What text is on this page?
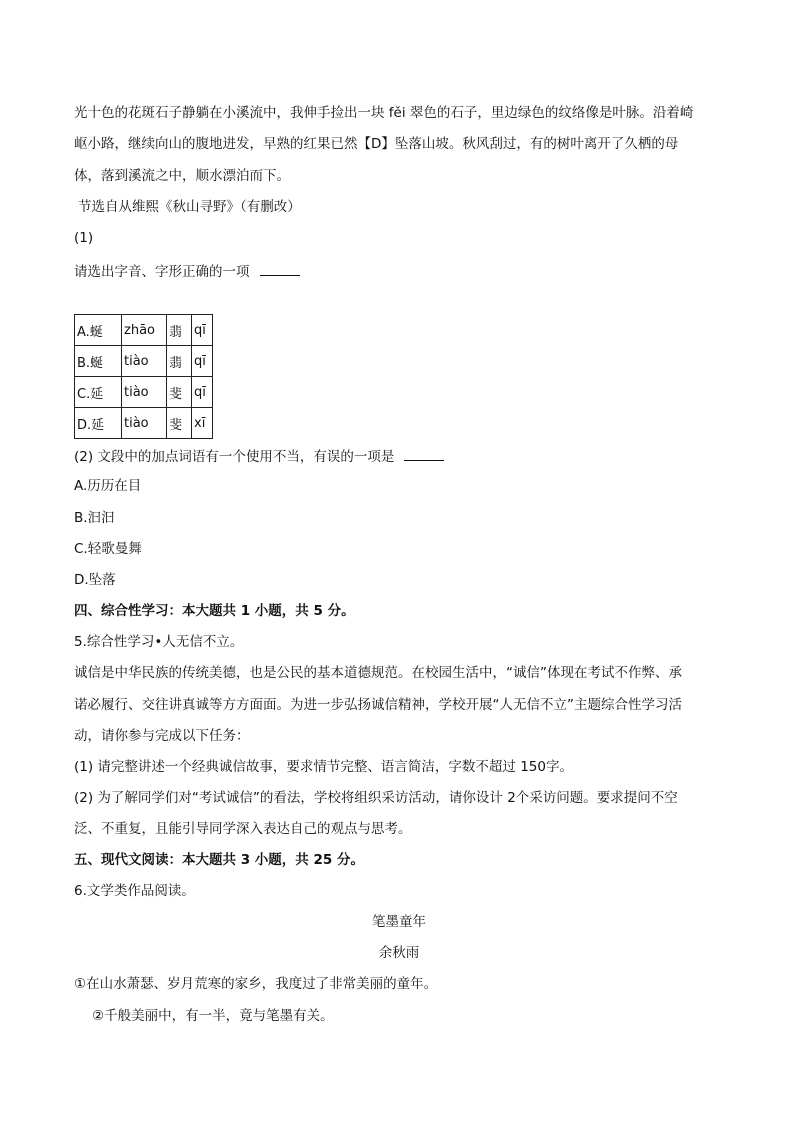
光十色的花斑石子静躺在小溪流中，我伸手捡出一块 fěi 翠色的石子，里边绿色的纹络像是叶脉。沿着崎
岖小路，继续向山的腹地进发，早熟的红果已然【D】坠落山坡。秋风刮过，有的树叶离开了久栖的母
体，落到溪流之中，顺水漂泊而下。
节选自从维熙《秋山寻野》（有删改）
(1)
请选出字音、字形正确的一项
A.蜒	zhāo	翡	qī
B.蜒	tiào	翡	qī
C.延	tiào	斐	qī
D.延	tiào	斐	xī
(2) 文段中的加点词语有一个使用不当，有误的一项是
A.历历在目
B.汩汩
C.轻歌曼舞
D.坠落
四、综合性学习：本大题共 1 小题，共 5 分。
5.综合性学习•人无信不立。
诚信是中华民族的传统美德，也是公民的基本道德规范。在校园生活中，“诚信”体现在考试不作弊、承
诺必履行、交往讲真诚等方方面面。为进一步弘扬诚信精神，学校开展“人无信不立”主题综合性学习活
动，请你参与完成以下任务：
(1) 请完整讲述一个经典诚信故事，要求情节完整、语言简洁，字数不超过 150字。
(2) 为了解同学们对“考试诚信”的看法，学校将组织采访活动，请你设计 2个采访问题。要求提问不空
泛、不重复，且能引导同学深入表达自己的观点与思考。
五、现代文阅读：本大题共 3 小题，共 25 分。
6.文学类作品阅读。
笔墨童年
余秋雨
①在山水萧瑟、岁月荒寒的家乡，我度过了非常美丽的童年。
②千般美丽中，有一半，竟与笔墨有关。
